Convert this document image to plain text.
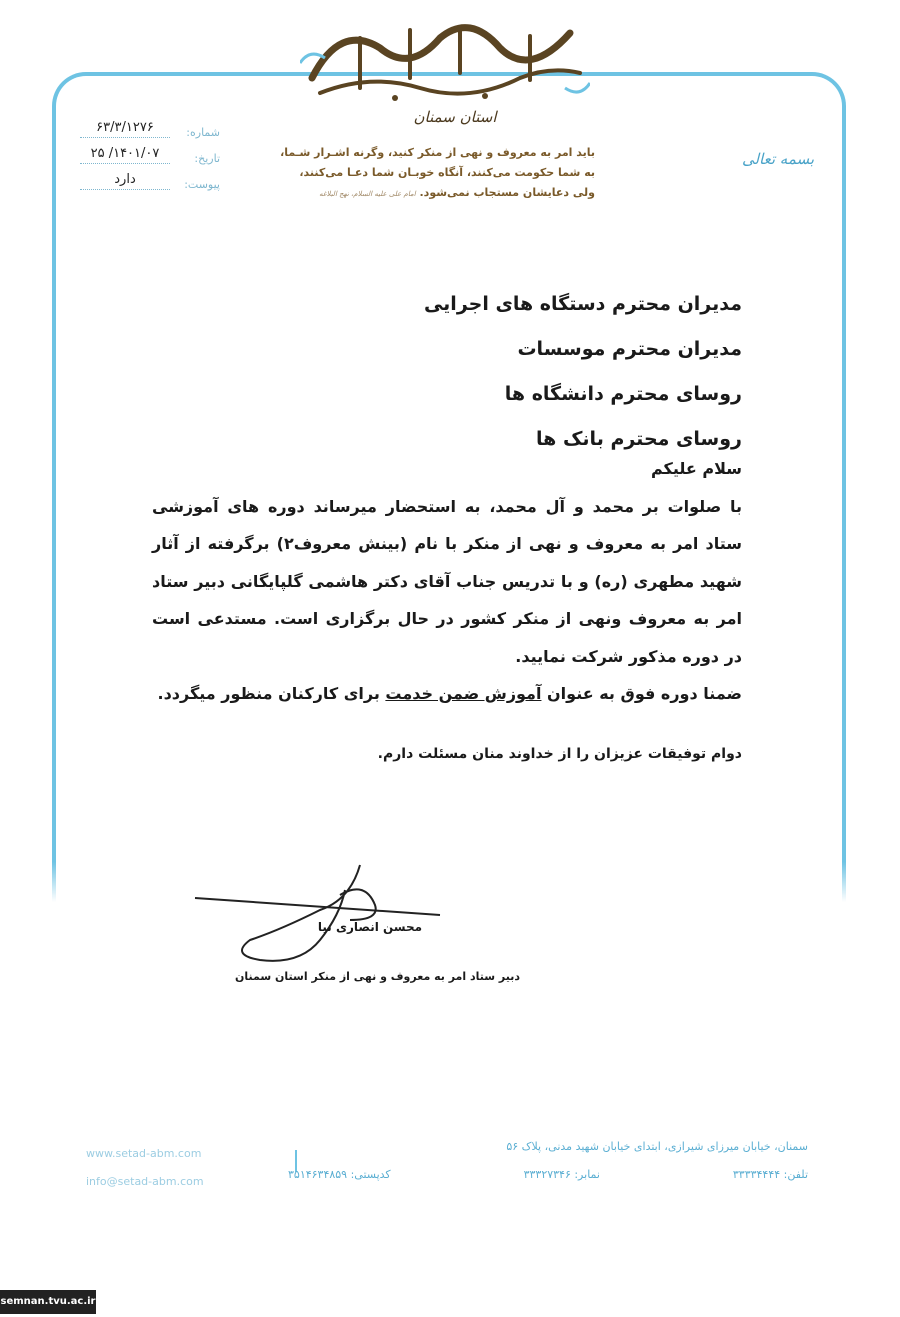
استان سمنان
بسمه تعالی
شماره:
۶۳/۳/۱۲۷۶
تاریخ:
۱۴۰۱/۰۷/ ۲۵
پیوست:
دارد
باید امر به معروف و نهی از منکر کنید، وگرنه اشـرار شـما،
به شما حکومت می‌کنند، آنگاه خوبـان شما دعـا می‌کنند،
ولی دعایشان مستجاب نمی‌شود. امام علی علیه السلام، نهج البلاغه
مدیران محترم دستگاه های اجرایی
مدیران محترم موسسات
روسای محترم دانشگاه ها
روسای محترم بانک ها

سلام علیکم

با صلوات بر محمد و آل محمد، به استحضار میرساند دوره های آموزشی ستاد امر به معروف و نهی از منکر با نام (بینش معروف۲) برگرفته از آثار شهید مطهری (ره) و با تدریس جناب آقای دکتر هاشمی گلپایگانی دبیر ستاد امر به معروف ونهی از منکر کشور در حال برگزاری است. مستدعی است در دوره مذکور شرکت نمایید.

ضمنا دوره فوق به عنوان آموزش ضمن خدمت برای کارکنان منظور میگردد.

دوام توفیقات عزیزان را از خداوند منان مسئلت دارم.
محسن انصاری نیا
دبیر ستاد امر به معروف و نهی از منکر استان سمنان
www.setad-abm.com
info@setad-abm.com
سمنان، خیابان میرزای شیرازی، ابتدای خیابان شهید مدنی، پلاک ۵۶
تلفن: ۳۳۳۳۴۴۴۴
نمابر: ۳۳۳۲۷۳۴۶
کدپستی: ۳۵۱۴۶۳۴۸۵۹
semnan.tvu.ac.ir
